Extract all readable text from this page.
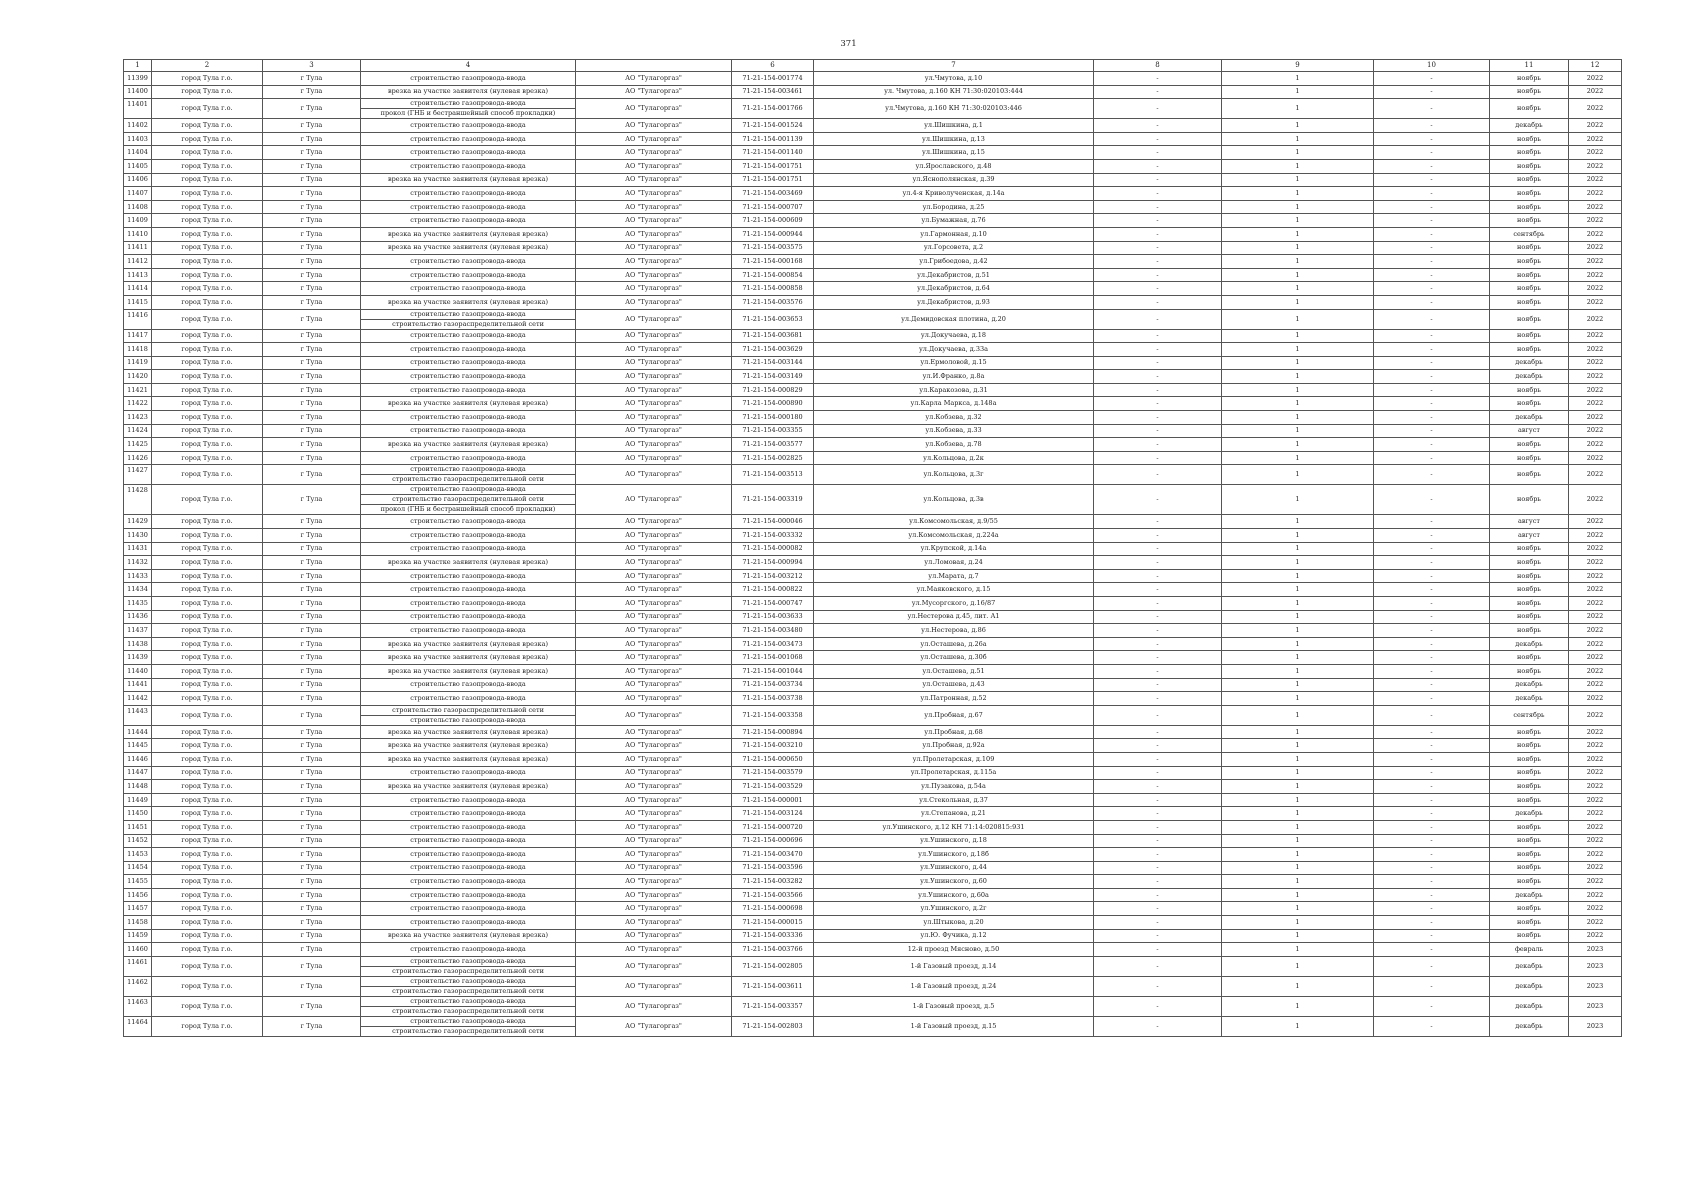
371
1	2	3	4		6	7	8	9	10	11	12
11399	город Тула г.о.	г Тула	строительство газопровода-ввода	АО "Тулагоргаз"	71-21-154-001774	ул.Чмутова, д.10	-	1	-	ноябрь	2022
11400	город Тула г.о.	г Тула	врезка на участке заявителя (нулевая врезка)	АО "Тулагоргаз"	71-21-154-003461	ул. Чмутова, д.160 КН 71:30:020103:444	-	1	-	ноябрь	2022
11401	город Тула г.о.	г Тула	строительство газопровода-ввода
прокол (ГНБ и бестраншейный способ прокладки)	АО "Тулагоргаз"	71-21-154-001766	ул.Чмутова, д.160 КН 71:30:020103:446	-	1	-	ноябрь	2022
11402	город Тула г.о.	г Тула	строительство газопровода-ввода	АО "Тулагоргаз"	71-21-154-001524	ул.Шишкина, д.1	-	1	-	декабрь	2022
11403	город Тула г.о.	г Тула	строительство газопровода-ввода	АО "Тулагоргаз"	71-21-154-001139	ул.Шишкина, д.13	-	1	-	ноябрь	2022
11404	город Тула г.о.	г Тула	строительство газопровода-ввода	АО "Тулагоргаз"	71-21-154-001140	ул.Шишкина, д.15	-	1	-	ноябрь	2022
11405	город Тула г.о.	г Тула	строительство газопровода-ввода	АО "Тулагоргаз"	71-21-154-001751	ул.Ярославского, д.48	-	1	-	ноябрь	2022
11406	город Тула г.о.	г Тула	врезка на участке заявителя (нулевая врезка)	АО "Тулагоргаз"	71-21-154-001751	ул.Яснополянская, д.39	-	1	-	ноябрь	2022
11407	город Тула г.о.	г Тула	строительство газопровода-ввода	АО "Тулагоргаз"	71-21-154-003469	ул.4-я Криволученская, д.14а	-	1	-	ноябрь	2022
11408	город Тула г.о.	г Тула	строительство газопровода-ввода	АО "Тулагоргаз"	71-21-154-000707	ул.Бородина, д.25	-	1	-	ноябрь	2022
11409	город Тула г.о.	г Тула	строительство газопровода-ввода	АО "Тулагоргаз"	71-21-154-000609	ул.Бумажная, д.76	-	1	-	ноябрь	2022
11410	город Тула г.о.	г Тула	врезка на участке заявителя (нулевая врезка)	АО "Тулагоргаз"	71-21-154-000944	ул.Гармонная, д.10	-	1	-	сентябрь	2022
11411	город Тула г.о.	г Тула	врезка на участке заявителя (нулевая врезка)	АО "Тулагоргаз"	71-21-154-003575	ул.Горсовета, д.2	-	1	-	ноябрь	2022
11412	город Тула г.о.	г Тула	строительство газопровода-ввода	АО "Тулагоргаз"	71-21-154-000168	ул.Грибоедова, д.42	-	1	-	ноябрь	2022
11413	город Тула г.о.	г Тула	строительство газопровода-ввода	АО "Тулагоргаз"	71-21-154-000854	ул.Декабристов, д.51	-	1	-	ноябрь	2022
11414	город Тула г.о.	г Тула	строительство газопровода-ввода	АО "Тулагоргаз"	71-21-154-000858	ул.Декабристов, д.64	-	1	-	ноябрь	2022
11415	город Тула г.о.	г Тула	врезка на участке заявителя (нулевая врезка)	АО "Тулагоргаз"	71-21-154-003576	ул.Декабристов, д.93	-	1	-	ноябрь	2022
11416	город Тула г.о.	г Тула	строительство газопровода-ввода
строительство газораспределительной сети	АО "Тулагоргаз"	71-21-154-003653	ул.Демидовская плотина, д.20	-	1	-	ноябрь	2022
11417	город Тула г.о.	г Тула	строительство газопровода-ввода	АО "Тулагоргаз"	71-21-154-003681	ул.Докучаева, д.18	-	1	-	ноябрь	2022
11418	город Тула г.о.	г Тула	строительство газопровода-ввода	АО "Тулагоргаз"	71-21-154-003629	ул.Докучаева, д.33а	-	1	-	ноябрь	2022
11419	город Тула г.о.	г Тула	строительство газопровода-ввода	АО "Тулагоргаз"	71-21-154-003144	ул.Ермоловой, д.15	-	1	-	декабрь	2022
11420	город Тула г.о.	г Тула	строительство газопровода-ввода	АО "Тулагоргаз"	71-21-154-003149	ул.И.Франко, д.8а	-	1	-	декабрь	2022
11421	город Тула г.о.	г Тула	строительство газопровода-ввода	АО "Тулагоргаз"	71-21-154-000829	ул.Каракозова, д.31	-	1	-	ноябрь	2022
11422	город Тула г.о.	г Тула	врезка на участке заявителя (нулевая врезка)	АО "Тулагоргаз"	71-21-154-000890	ул.Карла Маркса, д.148а	-	1	-	ноябрь	2022
11423	город Тула г.о.	г Тула	строительство газопровода-ввода	АО "Тулагоргаз"	71-21-154-000180	ул.Кобзева, д.32	-	1	-	декабрь	2022
11424	город Тула г.о.	г Тула	строительство газопровода-ввода	АО "Тулагоргаз"	71-21-154-003355	ул.Кобзева, д.33	-	1	-	август	2022
11425	город Тула г.о.	г Тула	врезка на участке заявителя (нулевая врезка)	АО "Тулагоргаз"	71-21-154-003577	ул.Кобзева, д.78	-	1	-	ноябрь	2022
11426	город Тула г.о.	г Тула	строительство газопровода-ввода	АО "Тулагоргаз"	71-21-154-002825	ул.Кольцова, д.2к	-	1	-	ноябрь	2022
11427	город Тула г.о.	г Тула	строительство газопровода-ввода
строительство газораспределительной сети	АО "Тулагоргаз"	71-21-154-003513	ул.Кольцова, д.3г	-	1	-	ноябрь	2022
11428	город Тула г.о.	г Тула	строительство газопровода-ввода
строительство газораспределительной сети
прокол (ГНБ и бестраншейный способ прокладки)	АО "Тулагоргаз"	71-21-154-003319	ул.Кольцова, д.3в	-	1	-	ноябрь	2022
11429	город Тула г.о.	г Тула	строительство газопровода-ввода	АО "Тулагоргаз"	71-21-154-000046	ул.Комсомольская, д.9/55	-	1	-	август	2022
11430	город Тула г.о.	г Тула	строительство газопровода-ввода	АО "Тулагоргаз"	71-21-154-003332	ул.Комсомольская, д.224а	-	1	-	август	2022
11431	город Тула г.о.	г Тула	строительство газопровода-ввода	АО "Тулагоргаз"	71-21-154-000082	ул.Крупской, д.14а	-	1	-	ноябрь	2022
11432	город Тула г.о.	г Тула	врезка на участке заявителя (нулевая врезка)	АО "Тулагоргаз"	71-21-154-000994	ул.Ломовая, д.24	-	1	-	ноябрь	2022
11433	город Тула г.о.	г Тула	строительство газопровода-ввода	АО "Тулагоргаз"	71-21-154-003212	ул.Марата, д.7	-	1	-	ноябрь	2022
11434	город Тула г.о.	г Тула	строительство газопровода-ввода	АО "Тулагоргаз"	71-21-154-000822	ул.Маяковского, д.15	-	1	-	ноябрь	2022
11435	город Тула г.о.	г Тула	строительство газопровода-ввода	АО "Тулагоргаз"	71-21-154-000747	ул.Мусоргского, д.16/87	-	1	-	ноябрь	2022
11436	город Тула г.о.	г Тула	строительство газопровода-ввода	АО "Тулагоргаз"	71-21-154-003633	ул.Нестерова д.45, лит. А1	-	1	-	ноябрь	2022
11437	город Тула г.о.	г Тула	строительство газопровода-ввода	АО "Тулагоргаз"	71-21-154-003480	ул.Нестерова, д.86	-	1	-	ноябрь	2022
11438	город Тула г.о.	г Тула	врезка на участке заявителя (нулевая врезка)	АО "Тулагоргаз"	71-21-154-003473	ул.Осташева, д.26а	-	1	-	декабрь	2022
11439	город Тула г.о.	г Тула	врезка на участке заявителя (нулевая врезка)	АО "Тулагоргаз"	71-21-154-001068	ул.Осташева, д.30б	-	1	-	ноябрь	2022
11440	город Тула г.о.	г Тула	врезка на участке заявителя (нулевая врезка)	АО "Тулагоргаз"	71-21-154-001044	ул.Осташева, д.51	-	1	-	ноябрь	2022
11441	город Тула г.о.	г Тула	строительство газопровода-ввода	АО "Тулагоргаз"	71-21-154-003734	ул.Осташева, д.43	-	1	-	декабрь	2022
11442	город Тула г.о.	г Тула	строительство газопровода-ввода	АО "Тулагоргаз"	71-21-154-003738	ул.Патронная, д.52	-	1	-	декабрь	2022
11443	город Тула г.о.	г Тула	строительство газораспределительной сети
строительство газопровода-ввода	АО "Тулагоргаз"	71-21-154-003358	ул.Пробная, д.67	-	1	-	сентябрь	2022
11444	город Тула г.о.	г Тула	врезка на участке заявителя (нулевая врезка)	АО "Тулагоргаз"	71-21-154-000894	ул.Пробная, д.68	-	1	-	ноябрь	2022
11445	город Тула г.о.	г Тула	врезка на участке заявителя (нулевая врезка)	АО "Тулагоргаз"	71-21-154-003210	ул.Пробная, д.92а	-	1	-	ноябрь	2022
11446	город Тула г.о.	г Тула	врезка на участке заявителя (нулевая врезка)	АО "Тулагоргаз"	71-21-154-000650	ул.Пролетарская, д.109	-	1	-	ноябрь	2022
11447	город Тула г.о.	г Тула	строительство газопровода-ввода	АО "Тулагоргаз"	71-21-154-003579	ул.Пролетарская, д.115а	-	1	-	ноябрь	2022
11448	город Тула г.о.	г Тула	врезка на участке заявителя (нулевая врезка)	АО "Тулагоргаз"	71-21-154-003529	ул.Пузакова, д.54а	-	1	-	ноябрь	2022
11449	город Тула г.о.	г Тула	строительство газопровода-ввода	АО "Тулагоргаз"	71-21-154-000001	ул.Стекольная, д.37	-	1	-	ноябрь	2022
11450	город Тула г.о.	г Тула	строительство газопровода-ввода	АО "Тулагоргаз"	71-21-154-003124	ул.Степанова, д.21	-	1	-	декабрь	2022
11451	город Тула г.о.	г Тула	строительство газопровода-ввода	АО "Тулагоргаз"	71-21-154-000720	ул.Ушинского, д.12 КН 71:14:020815:931	-	1	-	ноябрь	2022
11452	город Тула г.о.	г Тула	строительство газопровода-ввода	АО "Тулагоргаз"	71-21-154-000696	ул.Ушинского, д.18	-	1	-	ноябрь	2022
11453	город Тула г.о.	г Тула	строительство газопровода-ввода	АО "Тулагоргаз"	71-21-154-003470	ул.Ушинского, д.18б	-	1	-	ноябрь	2022
11454	город Тула г.о.	г Тула	строительство газопровода-ввода	АО "Тулагоргаз"	71-21-154-003596	ул.Ушинского, д.44	-	1	-	ноябрь	2022
11455	город Тула г.о.	г Тула	строительство газопровода-ввода	АО "Тулагоргаз"	71-21-154-003282	ул.Ушинского, д.60	-	1	-	ноябрь	2022
11456	город Тула г.о.	г Тула	строительство газопровода-ввода	АО "Тулагоргаз"	71-21-154-003566	ул.Ушинского, д.60а	-	1	-	декабрь	2022
11457	город Тула г.о.	г Тула	строительство газопровода-ввода	АО "Тулагоргаз"	71-21-154-000698	ул.Ушинского, д.2г	-	1	-	ноябрь	2022
11458	город Тула г.о.	г Тула	строительство газопровода-ввода	АО "Тулагоргаз"	71-21-154-000015	ул.Штыкова, д.20	-	1	-	ноябрь	2022
11459	город Тула г.о.	г Тула	врезка на участке заявителя (нулевая врезка)	АО "Тулагоргаз"	71-21-154-003336	ул.Ю. Фучика, д.12	-	1	-	ноябрь	2022
11460	город Тула г.о.	г Тула	строительство газопровода-ввода	АО "Тулагоргаз"	71-21-154-003766	12-й проезд Мясново, д.50	-	1	-	февраль	2023
11461	город Тула г.о.	г Тула	строительство газопровода-ввода
строительство газораспределительной сети	АО "Тулагоргаз"	71-21-154-002805	1-й Газовый проезд, д.14	-	1	-	декабрь	2023
11462	город Тула г.о.	г Тула	строительство газопровода-ввода
строительство газораспределительной сети	АО "Тулагоргаз"	71-21-154-003611	1-й Газовый проезд, д.24	-	1	-	декабрь	2023
11463	город Тула г.о.	г Тула	строительство газопровода-ввода
строительство газораспределительной сети	АО "Тулагоргаз"	71-21-154-003357	1-й Газовый проезд, д.5	-	1	-	декабрь	2023
11464	город Тула г.о.	г Тула	строительство газопровода-ввода
строительство газораспределительной сети	АО "Тулагоргаз"	71-21-154-002803	1-й Газовый проезд, д.15	-	1	-	декабрь	2023
